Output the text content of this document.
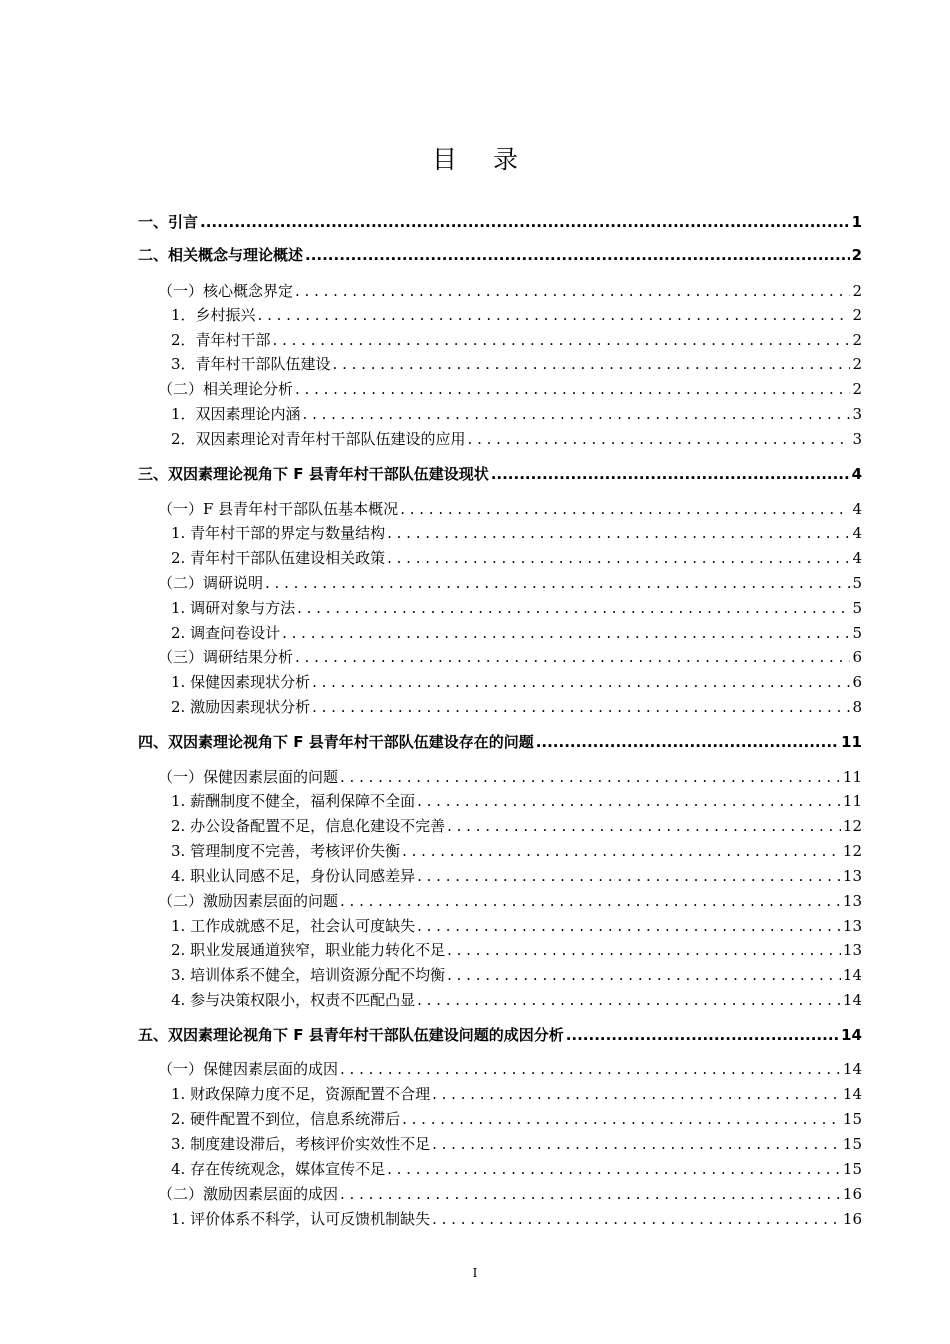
目 录
一、引言 .....	1
二、相关概念与理论概述 .....	2
（一）核心概念界定 . . .	2
1．乡村振兴 . . .	2
2．青年村干部 . . .	2
3．青年村干部队伍建设 . . .	2
（二）相关理论分析 . . .	2
1．双因素理论内涵 . . .	3
2．双因素理论对青年村干部队伍建设的应用 . . .	3
三、双因素理论视角下 F 县青年村干部队伍建设现状 .....	4
（一）F 县青年村干部队伍基本概况 . . .	4
1. 青年村干部的界定与数量结构 . . .	4
2. 青年村干部队伍建设相关政策 . . .	4
（二）调研说明 . . .	5
1. 调研对象与方法 . . .	5
2. 调查问卷设计 . . .	5
（三）调研结果分析 . . .	6
1. 保健因素现状分析 . . .	6
2. 激励因素现状分析 . . .	8
四、双因素理论视角下 F 县青年村干部队伍建设存在的问题 .....	11
（一）保健因素层面的问题 . . .	11
1. 薪酬制度不健全，福利保障不全面 . . .	11
2. 办公设备配置不足，信息化建设不完善 . . .	12
3. 管理制度不完善，考核评价失衡 . . .	12
4. 职业认同感不足，身份认同感差异 . . .	13
（二）激励因素层面的问题 . . .	13
1. 工作成就感不足，社会认可度缺失 . . .	13
2. 职业发展通道狭窄，职业能力转化不足 . . .	13
3. 培训体系不健全，培训资源分配不均衡 . . .	14
4. 参与决策权限小，权责不匹配凸显 . . .	14
五、双因素理论视角下 F 县青年村干部队伍建设问题的成因分析 .....	14
（一）保健因素层面的成因 . . .	14
1. 财政保障力度不足，资源配置不合理 . . .	14
2. 硬件配置不到位，信息系统滞后 . . .	15
3. 制度建设滞后，考核评价实效性不足 . . .	15
4. 存在传统观念，媒体宣传不足 . . .	15
（二）激励因素层面的成因 . . .	16
1. 评价体系不科学，认可反馈机制缺失 . . .	16
I
